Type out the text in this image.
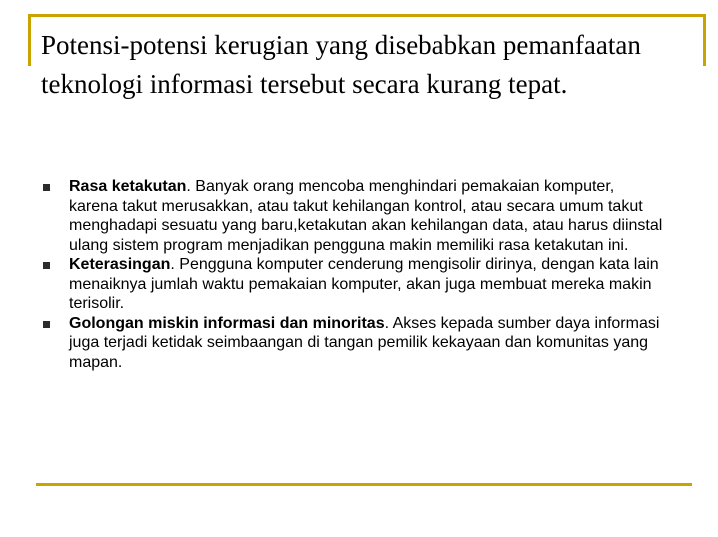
Potensi-potensi kerugian yang disebabkan pemanfaatan teknologi informasi tersebut secara kurang tepat.
Rasa ketakutan. Banyak orang mencoba menghindari pemakaian komputer, karena takut merusakkan, atau takut kehilangan kontrol, atau secara umum takut menghadapi sesuatu yang baru,ketakutan akan kehilangan data, atau harus diinstal ulang sistem program menjadikan pengguna makin memiliki rasa ketakutan ini.
Keterasingan. Pengguna komputer cenderung mengisolir dirinya, dengan kata lain menaiknya jumlah waktu pemakaian komputer, akan juga membuat mereka makin terisolir.
Golongan miskin informasi dan minoritas. Akses kepada sumber daya informasi juga terjadi ketidak seimbaangan di tangan pemilik kekayaan dan komunitas yang mapan.
